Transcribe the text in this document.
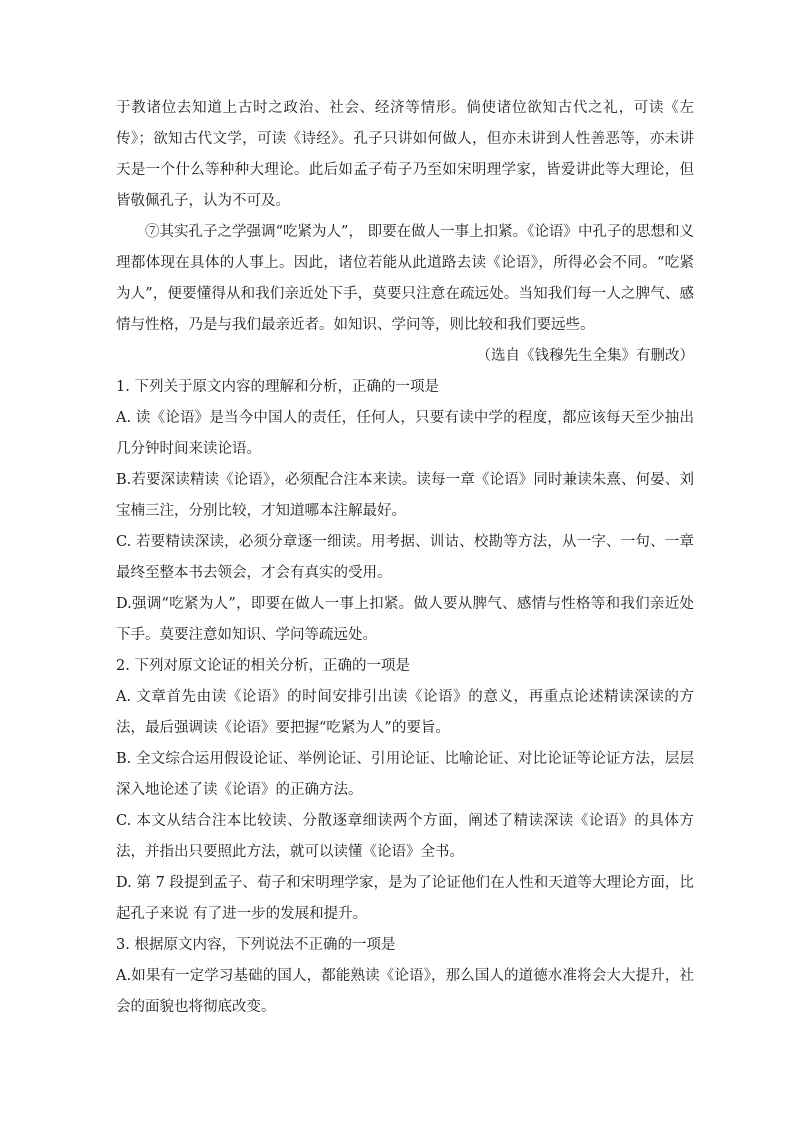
于教诸位去知道上古时之政治、社会、经济等情形。倘使诸位欲知古代之礼，可读《左传》；欲知古代文学，可读《诗经》。孔子只讲如何做人，但亦未讲到人性善恶等，亦未讲天是一个什么等种种大理论。此后如孟子荀子乃至如宋明理学家，皆爱讲此等大理论，但皆敬佩孔子，认为不可及。

⑦其实孔子之学强调“吃紧为人”， 即要在做人一事上扣紧。《论语》中孔子的思想和义理都体现在具体的人事上。因此，诸位若能从此道路去读《论语》，所得必会不同。“吃紧为人”，便要懂得从和我们亲近处下手，莫要只注意在疏远处。当知我们每一人之脾气、感情与性格，乃是与我们最亲近者。如知识、学问等，则比较和我们要远些。

（选自《钱穆先生全集》有删改）

1. 下列关于原文内容的理解和分析，正确的一项是

A. 读《论语》是当今中国人的责任，任何人，只要有读中学的程度，都应该每天至少抽出几分钟时间来读论语。

B.若要深读精读《论语》，必须配合注本来读。读每一章《论语》同时兼读朱熹、何晏、刘宝楠三注，分别比较，才知道哪本注解最好。

C. 若要精读深读，必须分章逐一细读。用考据、训诂、校勘等方法，从一字、一句、一章最终至整本书去领会，才会有真实的受用。

D.强调“吃紧为人”，即要在做人一事上扣紧。做人要从脾气、感情与性格等和我们亲近处下手。莫要注意如知识、学问等疏远处。

2. 下列对原文论证的相关分析，正确的一项是

A. 文章首先由读《论语》的时间安排引出读《论语》的意义，再重点论述精读深读的方法，最后强调读《论语》要把握“吃紧为人”的要旨。

B. 全文综合运用假设论证、举例论证、引用论证、比喻论证、对比论证等论证方法，层层深入地论述了读《论语》的正确方法。

C. 本文从结合注本比较读、分散逐章细读两个方面，阐述了精读深读《论语》的具体方法，并指出只要照此方法，就可以读懂《论语》全书。

D. 第 7 段提到孟子、荀子和宋明理学家，是为了论证他们在人性和天道等大理论方面，比起孔子来说 有了进一步的发展和提升。

3. 根据原文内容，下列说法不正确的一项是

A.如果有一定学习基础的国人，都能熟读《论语》，那么国人的道德水准将会大大提升，社会的面貌也将彻底改变。
